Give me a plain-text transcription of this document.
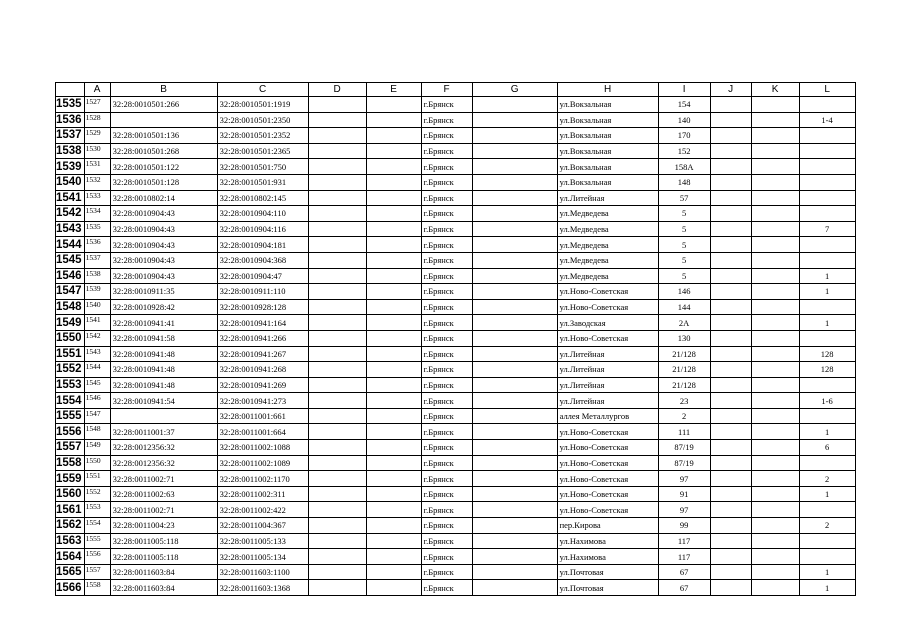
	A	B	C	D	E	F	G	H	I	J	K	L
1535	1527	32:28:0010501:266	32:28:0010501:1919			г.Брянск		ул.Вокзальная	154			
1536	1528		32:28:0010501:2350			г.Брянск		ул.Вокзальная	140			1-4
1537	1529	32:28:0010501:136	32:28:0010501:2352			г.Брянск		ул.Вокзальная	170			
1538	1530	32:28:0010501:268	32:28:0010501:2365			г.Брянск		ул.Вокзальная	152			
1539	1531	32:28:0010501:122	32:28:0010501:750			г.Брянск		ул.Вокзальная	158А			
1540	1532	32:28:0010501:128	32:28:0010501:931			г.Брянск		ул.Вокзальная	148			
1541	1533	32:28:0010802:14	32:28:0010802:145			г.Брянск		ул.Литейная	57			
1542	1534	32:28:0010904:43	32:28:0010904:110			г.Брянск		ул.Медведева	5			
1543	1535	32:28:0010904:43	32:28:0010904:116			г.Брянск		ул.Медведева	5			7
1544	1536	32:28:0010904:43	32:28:0010904:181			г.Брянск		ул.Медведева	5			
1545	1537	32:28:0010904:43	32:28:0010904:368			г.Брянск		ул.Медведева	5			
1546	1538	32:28:0010904:43	32:28:0010904:47			г.Брянск		ул.Медведева	5			1
1547	1539	32:28:0010911:35	32:28:0010911:110			г.Брянск		ул.Ново-Советская	146			1
1548	1540	32:28:0010928:42	32:28:0010928:128			г.Брянск		ул.Ново-Советская	144			
1549	1541	32:28:0010941:41	32:28:0010941:164			г.Брянск		ул.Заводская	2А			1
1550	1542	32:28:0010941:58	32:28:0010941:266			г.Брянск		ул.Ново-Советская	130			
1551	1543	32:28:0010941:48	32:28:0010941:267			г.Брянск		ул.Литейная	21/128			128
1552	1544	32:28:0010941:48	32:28:0010941:268			г.Брянск		ул.Литейная	21/128			128
1553	1545	32:28:0010941:48	32:28:0010941:269			г.Брянск		ул.Литейная	21/128			
1554	1546	32:28:0010941:54	32:28:0010941:273			г.Брянск		ул.Литейная	23			1-6
1555	1547		32:28:0011001:661			г.Брянск		аллея Металлургов	2			
1556	1548	32:28:0011001:37	32:28:0011001:664			г.Брянск		ул.Ново-Советская	111			1
1557	1549	32:28:0012356:32	32:28:0011002:1088			г.Брянск		ул.Ново-Советская	87/19			6
1558	1550	32:28:0012356:32	32:28:0011002:1089			г.Брянск		ул.Ново-Советская	87/19			
1559	1551	32:28:0011002:71	32:28:0011002:1170			г.Брянск		ул.Ново-Советская	97			2
1560	1552	32:28:0011002:63	32:28:0011002:311			г.Брянск		ул.Ново-Советская	91			1
1561	1553	32:28:0011002:71	32:28:0011002:422			г.Брянск		ул.Ново-Советская	97			
1562	1554	32:28:0011004:23	32:28:0011004:367			г.Брянск		пер.Кирова	99			2
1563	1555	32:28:0011005:118	32:28:0011005:133			г.Брянск		ул.Нахимова	117			
1564	1556	32:28:0011005:118	32:28:0011005:134			г.Брянск		ул.Нахимова	117			
1565	1557	32:28:0011603:84	32:28:0011603:1100			г.Брянск		ул.Почтовая	67			1
1566	1558	32:28:0011603:84	32:28:0011603:1368			г.Брянск		ул.Почтовая	67			1
